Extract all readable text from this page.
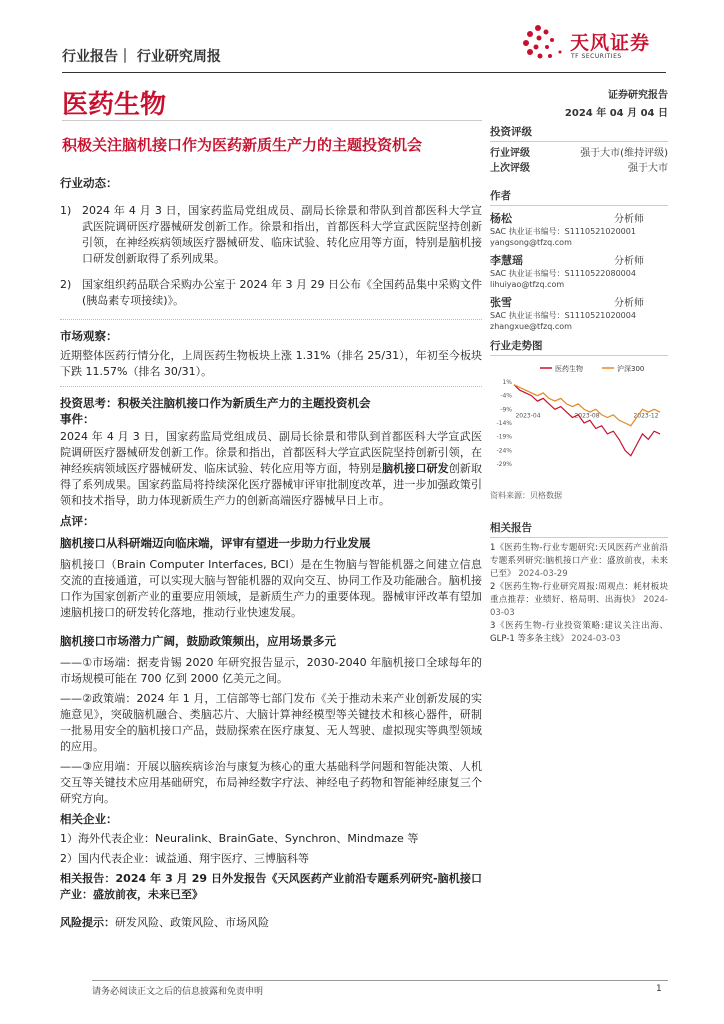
行业报告｜ 行业研究周报
天风证券
TF SECURITIES
医药生物	证券研究报告
2024 年 04 月 04 日
积极关注脑机接口作为医药新质生产力的主题投资机会
行业动态：
1) 2024 年 4 月 3 日，国家药监局党组成员、副局长徐景和带队到首都医科大学宣武医院调研医疗器械研发创新工作。徐景和指出，首都医科大学宣武医院坚持创新引领，在神经疾病领域医疗器械研发、临床试验、转化应用等方面，特别是脑机接口研发创新取得了系列成果。
2) 国家组织药品联合采购办公室于 2024 年 3 月 29 日公布《全国药品集中采购文件(胰岛素专项接续)》。
市场观察：
近期整体医药行情分化，上周医药生物板块上涨 1.31%（排名 25/31），年初至今板块下跌 11.57%（排名 30/31）。
投资思考：积极关注脑机接口作为新质生产力的主题投资机会
事件：
2024 年 4 月 3 日，国家药监局党组成员、副局长徐景和带队到首都医科大学宣武医院调研医疗器械研发创新工作。徐景和指出，首都医科大学宣武医院坚持创新引领，在神经疾病领域医疗器械研发、临床试验、转化应用等方面，特别是脑机接口研发创新取得了系列成果。国家药监局将持续深化医疗器械审评审批制度改革，进一步加强政策引领和技术指导，助力体现新质生产力的创新高端医疗器械早日上市。
点评：
脑机接口从科研端迈向临床端，评审有望进一步助力行业发展
脑机接口（Brain Computer Interfaces, BCI）是在生物脑与智能机器之间建立信息交流的直接通道，可以实现大脑与智能机器的双向交互、协同工作及功能融合。脑机接口作为国家创新产业的重要应用领域，是新质生产力的重要体现。器械审评改革有望加速脑机接口的研发转化落地，推动行业快速发展。
脑机接口市场潜力广阔，鼓励政策频出，应用场景多元
——①市场端：据麦肯锡 2020 年研究报告显示，2030-2040 年脑机接口全球每年的市场规模可能在 700 亿到 2000 亿美元之间。
——②政策端：2024 年 1 月，工信部等七部门发布《关于推动未来产业创新发展的实施意见》，突破脑机融合、类脑芯片、大脑计算神经模型等关键技术和核心器件，研制一批易用安全的脑机接口产品，鼓励探索在医疗康复、无人驾驶、虚拟现实等典型领域的应用。
——③应用端：开展以脑疾病诊治与康复为核心的重大基础科学问题和智能决策、人机交互等关键技术应用基础研究，布局神经数字疗法、神经电子药物和智能神经康复三个研究方向。
相关企业：
1）海外代表企业：Neuralink、BrainGate、Synchron、Mindmaze 等
2）国内代表企业：诚益通、翔宇医疗、三博脑科等
相关报告：2024 年 3 月 29 日外发报告《天风医药产业前沿专题系列研究-脑机接口产业：盛放前夜，未来已至》
风险提示：研发风险、政策风险、市场风险
投资评级
行业评级	强于大市(维持评级)
上次评级	强于大市
作者
杨松	分析师
SAC 执业证书编号：S1110521020001
yangsong@tfzq.com
李慧瑶	分析师
SAC 执业证书编号：S1110522080004
lihuiyao@tfzq.com
张雪	分析师
SAC 执业证书编号：S1110521020004
zhangxue@tfzq.com
行业走势图
医药生物	沪深300
1%
-4%
-9%
-14%
-19%
-24%
-29%
2023-04	2023-08	2023-12
资料来源：贝格数据
相关报告
1《医药生物-行业专题研究:天风医药产业前沿专题系列研究:脑机接口产业：盛放前夜，未来已至》 2024-03-29
2《医药生物-行业研究周报:周观点：耗材板块重点推荐：业绩好、格局明、出海快》 2024-03-03
3《医药生物-行业投资策略:建议关注出海、GLP-1 等多条主线》 2024-03-03
请务必阅读正文之后的信息披露和免责申明	1
